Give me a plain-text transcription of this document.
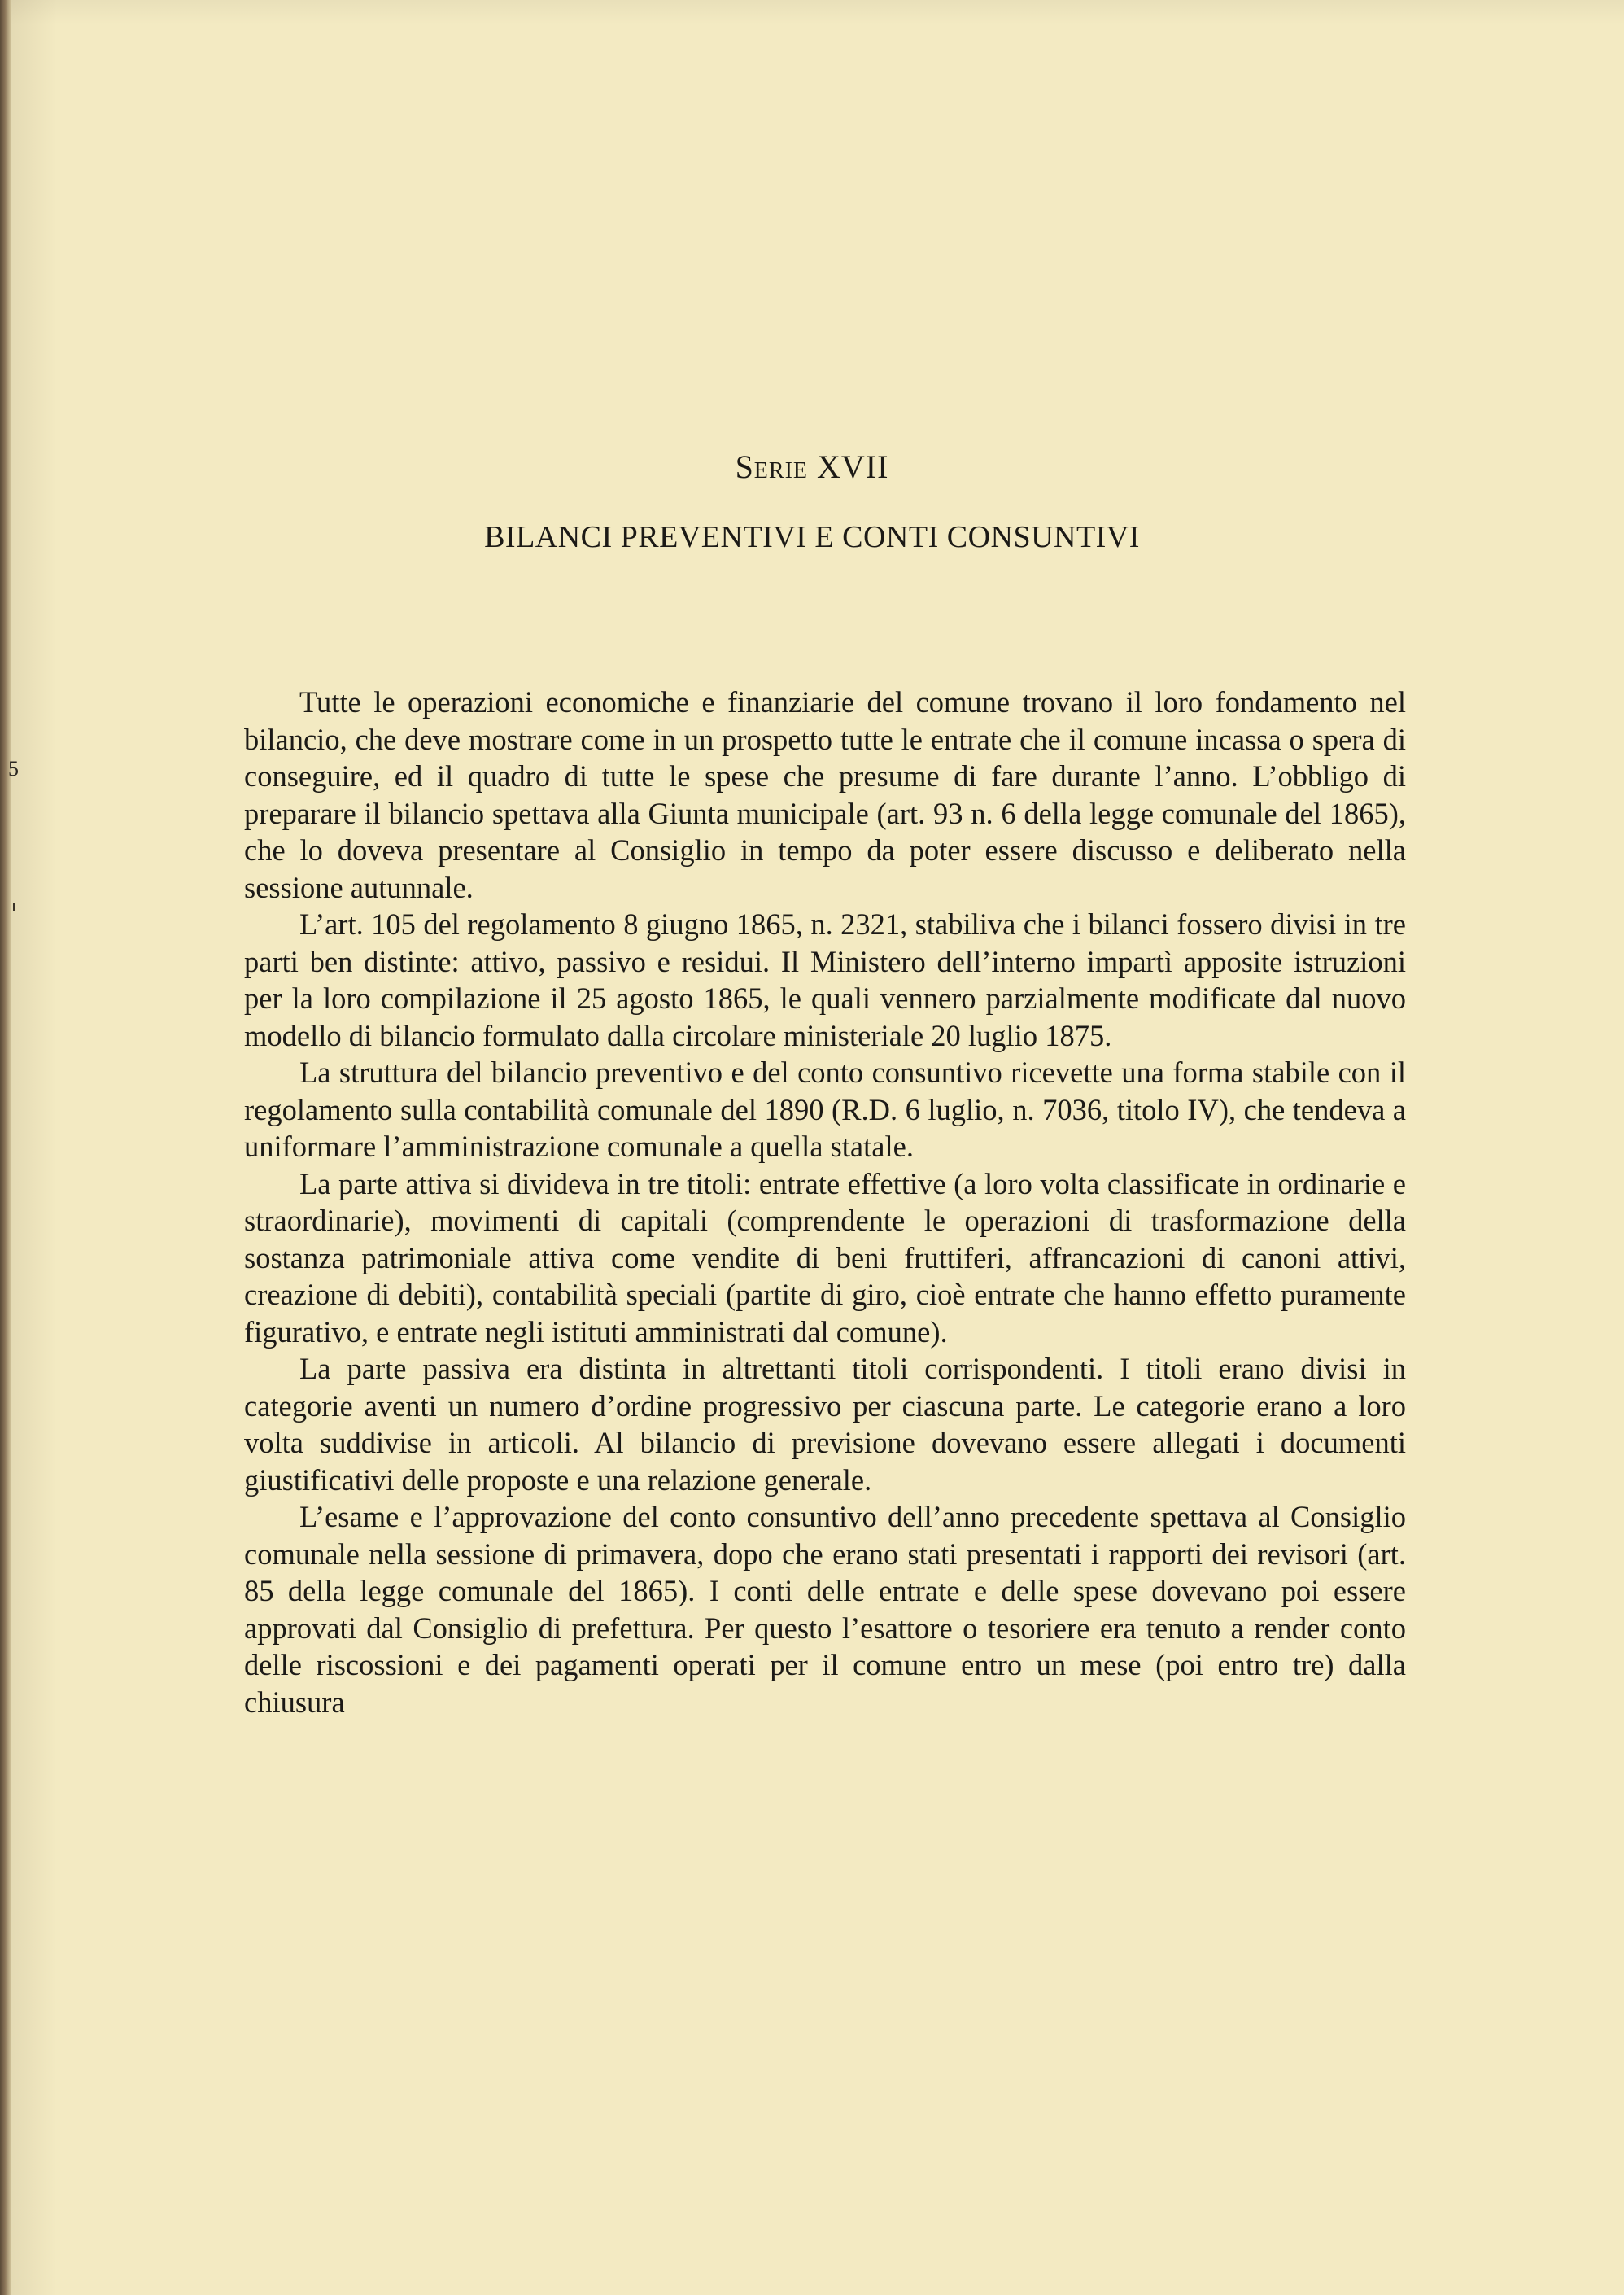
5
Serie XVII
BILANCI PREVENTIVI E CONTI CONSUNTIVI

Tutte le operazioni economiche e finanziarie del comune trovano il loro fondamento nel bilancio, che deve mostrare come in un prospetto tutte le entrate che il comune incassa o spera di conseguire, ed il quadro di tutte le spese che presume di fare durante l’anno. L’obbligo di preparare il bilancio spettava alla Giunta municipale (art. 93 n. 6 della legge comunale del 1865), che lo doveva presentare al Consiglio in tempo da poter essere discusso e deliberato nella sessione autunnale.

L’art. 105 del regolamento 8 giugno 1865, n. 2321, stabiliva che i bilanci fossero divisi in tre parti ben distinte: attivo, passivo e residui. Il Ministero dell’interno impartì apposite istruzioni per la loro compilazione il 25 agosto 1865, le quali vennero parzialmente modificate dal nuovo modello di bilancio formulato dalla circolare ministeriale 20 luglio 1875.

La struttura del bilancio preventivo e del conto consuntivo ricevette una forma stabile con il regolamento sulla contabilità comunale del 1890 (R.D. 6 luglio, n. 7036, titolo IV), che tendeva a uniformare l’amministrazione comunale a quella statale.

La parte attiva si divideva in tre titoli: entrate effettive (a loro volta classificate in ordinarie e straordinarie), movimenti di capitali (comprendente le operazioni di trasformazione della sostanza patrimoniale attiva come vendite di beni fruttiferi, affrancazioni di canoni attivi, creazione di debiti), contabilità speciali (partite di giro, cioè entrate che hanno effetto puramente figurativo, e entrate negli istituti amministrati dal comune).

La parte passiva era distinta in altrettanti titoli corrispondenti. I titoli erano divisi in categorie aventi un numero d’ordine progressivo per ciascuna parte. Le categorie erano a loro volta suddivise in articoli. Al bilancio di previsione dovevano essere allegati i documenti giustificativi delle proposte e una relazione generale.

L’esame e l’approvazione del conto consuntivo dell’anno precedente spettava al Consiglio comunale nella sessione di primavera, dopo che erano stati presentati i rapporti dei revisori (art. 85 della legge comunale del 1865). I conti delle entrate e delle spese dovevano poi essere approvati dal Consiglio di prefettura. Per questo l’esattore o tesoriere era tenuto a render conto delle riscossioni e dei pagamenti operati per il comune entro un mese (poi entro tre) dalla chiusura
